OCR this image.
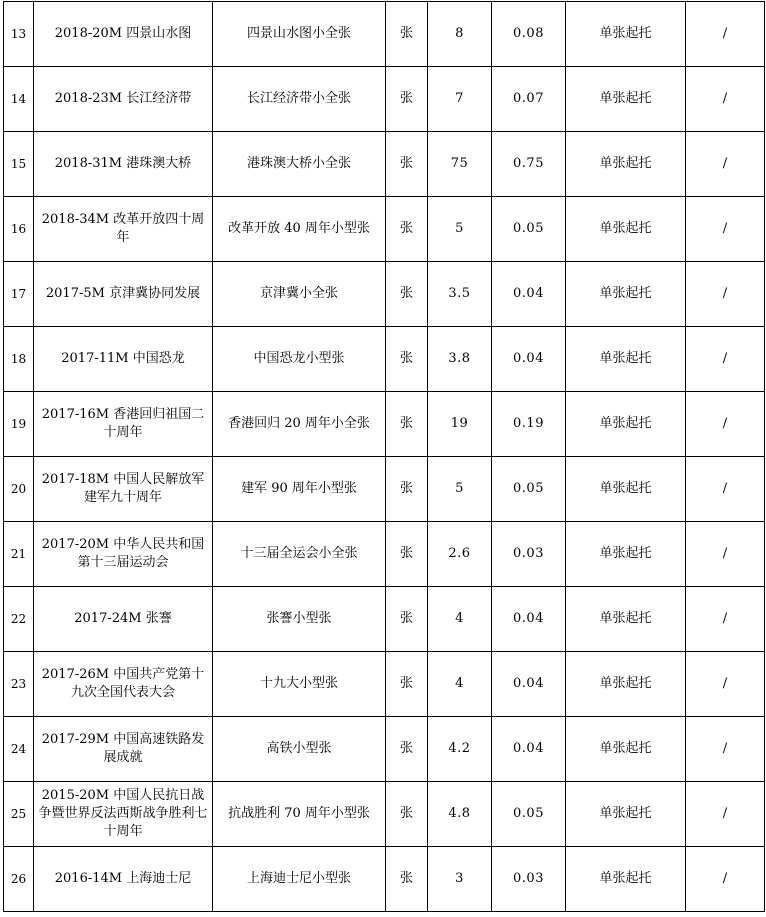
13	2018-20M 四景山水图	四景山水图小全张	张	8	0.08	单张起托	/
14	2018-23M 长江经济带	长江经济带小全张	张	7	0.07	单张起托	/
15	2018-31M 港珠澳大桥	港珠澳大桥小全张	张	75	0.75	单张起托	/
16	2018-34M 改革开放四十周年	改革开放 40 周年小型张	张	5	0.05	单张起托	/
17	2017-5M 京津冀协同发展	京津冀小全张	张	3.5	0.04	单张起托	/
18	2017-11M 中国恐龙	中国恐龙小型张	张	3.8	0.04	单张起托	/
19	2017-16M 香港回归祖国二十周年	香港回归 20 周年小全张	张	19	0.19	单张起托	/
20	2017-18M 中国人民解放军建军九十周年	建军 90 周年小型张	张	5	0.05	单张起托	/
21	2017-20M 中华人民共和国第十三届运动会	十三届全运会小全张	张	2.6	0.03	单张起托	/
22	2017-24M 张謇	张謇小型张	张	4	0.04	单张起托	/
23	2017-26M 中国共产党第十九次全国代表大会	十九大小型张	张	4	0.04	单张起托	/
24	2017-29M 中国高速铁路发展成就	高铁小型张	张	4.2	0.04	单张起托	/
25	2015-20M 中国人民抗日战争暨世界反法西斯战争胜利七十周年	抗战胜利 70 周年小型张	张	4.8	0.05	单张起托	/
26	2016-14M 上海迪士尼	上海迪士尼小型张	张	3	0.03	单张起托	/
